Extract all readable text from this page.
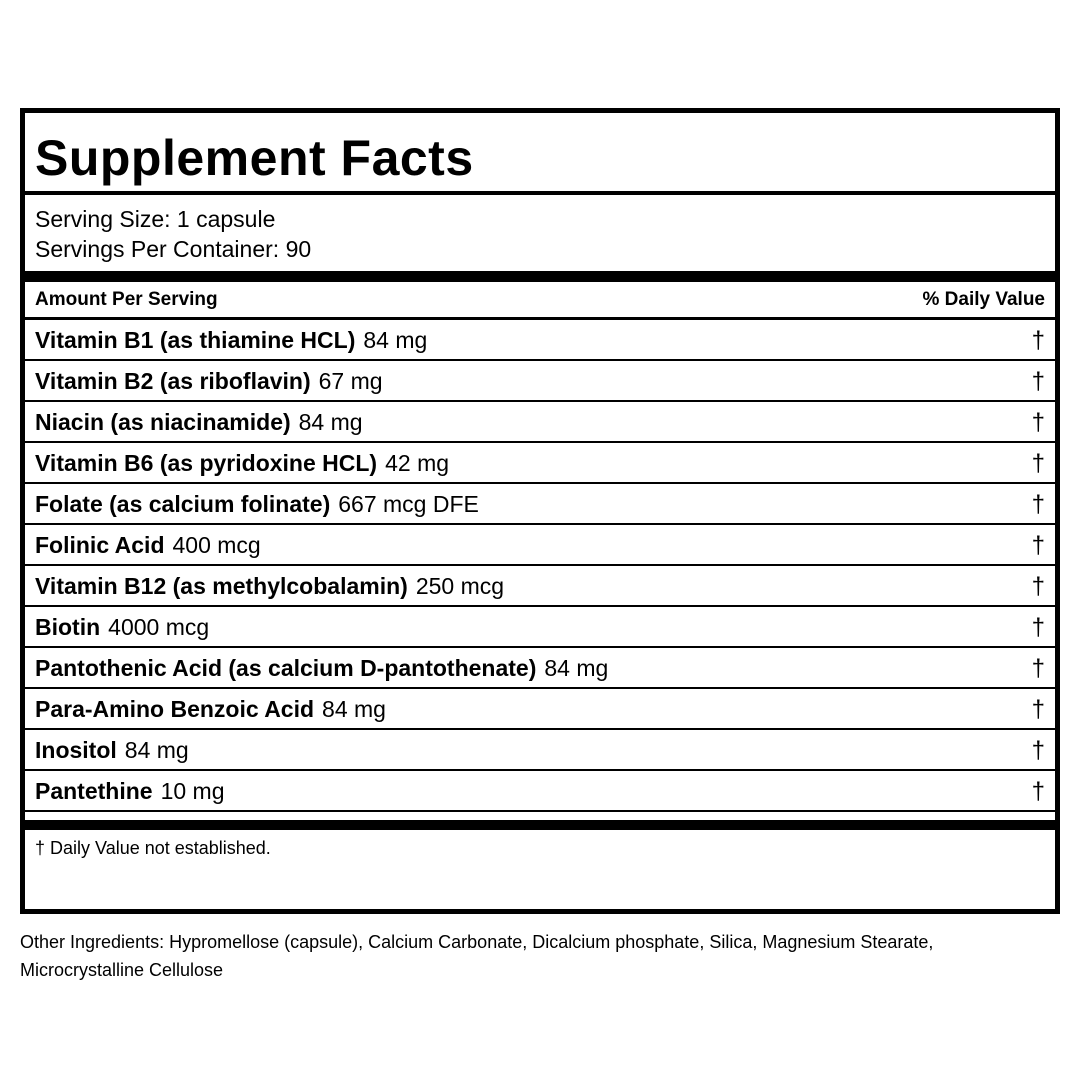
Supplement Facts
Serving Size: 1 capsule
Servings Per Container: 90
Amount Per Serving	% Daily Value
Vitamin B1 (as thiamine HCL) 84 mg	†
Vitamin B2 (as riboflavin) 67 mg	†
Niacin (as niacinamide) 84 mg	†
Vitamin B6 (as pyridoxine HCL) 42 mg	†
Folate (as calcium folinate) 667 mcg DFE	†
Folinic Acid 400 mcg	†
Vitamin B12 (as methylcobalamin) 250 mcg	†
Biotin 4000 mcg	†
Pantothenic Acid (as calcium D-pantothenate) 84 mg	†
Para-Amino Benzoic Acid 84 mg	†
Inositol 84 mg	†
Pantethine 10 mg	†
† Daily Value not established.
Other Ingredients: Hypromellose (capsule), Calcium Carbonate, Dicalcium phosphate, Silica, Magnesium Stearate, Microcrystalline Cellulose
